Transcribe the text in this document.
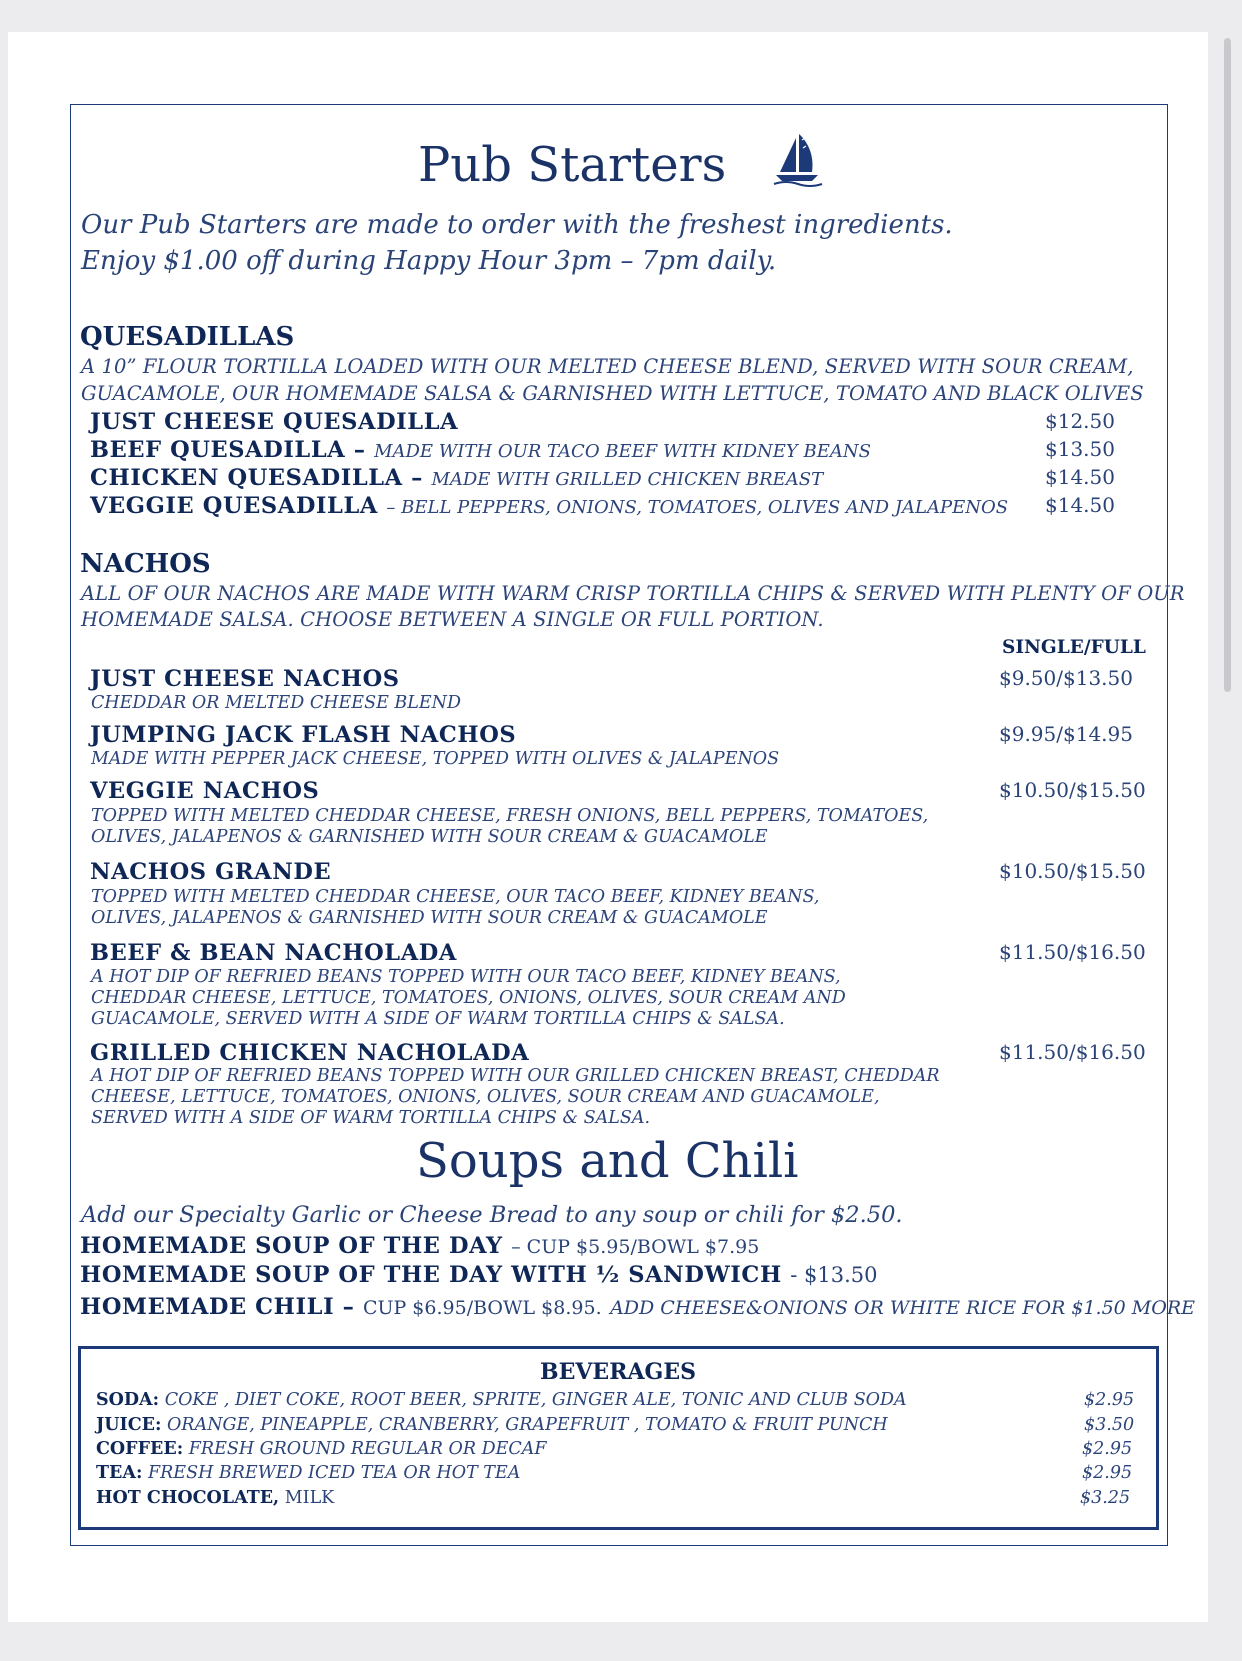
Pub Starters
Our Pub Starters are made to order with the freshest ingredients.
Enjoy $1.00 off during Happy Hour 3pm – 7pm daily.
QUESADILLAS
A 10” FLOUR TORTILLA LOADED WITH OUR MELTED CHEESE BLEND, SERVED WITH SOUR CREAM,
GUACAMOLE, OUR HOMEMADE SALSA & GARNISHED WITH LETTUCE, TOMATO AND BLACK OLIVES
JUST CHEESE QUESADILLA	$12.50
BEEF QUESADILLA – MADE WITH OUR TACO BEEF WITH KIDNEY BEANS	$13.50
CHICKEN QUESADILLA – MADE WITH GRILLED CHICKEN BREAST	$14.50
VEGGIE QUESADILLA – BELL PEPPERS, ONIONS, TOMATOES, OLIVES AND JALAPENOS $14.50
NACHOS
ALL OF OUR NACHOS ARE MADE WITH WARM CRISP TORTILLA CHIPS & SERVED WITH PLENTY OF OUR
HOMEMADE SALSA. CHOOSE BETWEEN A SINGLE OR FULL PORTION.
SINGLE/FULL
JUST CHEESE NACHOS	$9.50/$13.50
CHEDDAR OR MELTED CHEESE BLEND
JUMPING JACK FLASH NACHOS	$9.95/$14.95
MADE WITH PEPPER JACK CHEESE, TOPPED WITH OLIVES & JALAPENOS
VEGGIE NACHOS	$10.50/$15.50
TOPPED WITH MELTED CHEDDAR CHEESE, FRESH ONIONS, BELL PEPPERS, TOMATOES, OLIVES, JALAPENOS & GARNISHED WITH SOUR CREAM & GUACAMOLE
NACHOS GRANDE	$10.50/$15.50
TOPPED WITH MELTED CHEDDAR CHEESE, OUR TACO BEEF, KIDNEY BEANS, OLIVES, JALAPENOS & GARNISHED WITH SOUR CREAM & GUACAMOLE
BEEF & BEAN NACHOLADA	$11.50/$16.50
A HOT DIP OF REFRIED BEANS TOPPED WITH OUR TACO BEEF, KIDNEY BEANS, CHEDDAR CHEESE, LETTUCE, TOMATOES, ONIONS, OLIVES, SOUR CREAM AND GUACAMOLE, SERVED WITH A SIDE OF WARM TORTILLA CHIPS & SALSA.
GRILLED CHICKEN NACHOLADA	$11.50/$16.50
A HOT DIP OF REFRIED BEANS TOPPED WITH OUR GRILLED CHICKEN BREAST, CHEDDAR CHEESE, LETTUCE, TOMATOES, ONIONS, OLIVES, SOUR CREAM AND GUACAMOLE, SERVED WITH A SIDE OF WARM TORTILLA CHIPS & SALSA.
Soups and Chili
Add our Specialty Garlic or Cheese Bread to any soup or chili for $2.50.
HOMEMADE SOUP OF THE DAY – CUP $5.95/BOWL $7.95
HOMEMADE SOUP OF THE DAY WITH ½ SANDWICH - $13.50
HOMEMADE CHILI – CUP $6.95/BOWL $8.95. ADD CHEESE&ONIONS OR WHITE RICE FOR $1.50 MORE
BEVERAGES
SODA: COKE , DIET COKE, ROOT BEER, SPRITE, GINGER ALE, TONIC AND CLUB SODA	$2.95
JUICE: ORANGE, PINEAPPLE, CRANBERRY, GRAPEFRUIT , TOMATO & FRUIT PUNCH	$3.50
COFFEE: FRESH GROUND REGULAR OR DECAF	$2.95
TEA: FRESH BREWED ICED TEA OR HOT TEA	$2.95
HOT CHOCOLATE, MILK	$3.25
